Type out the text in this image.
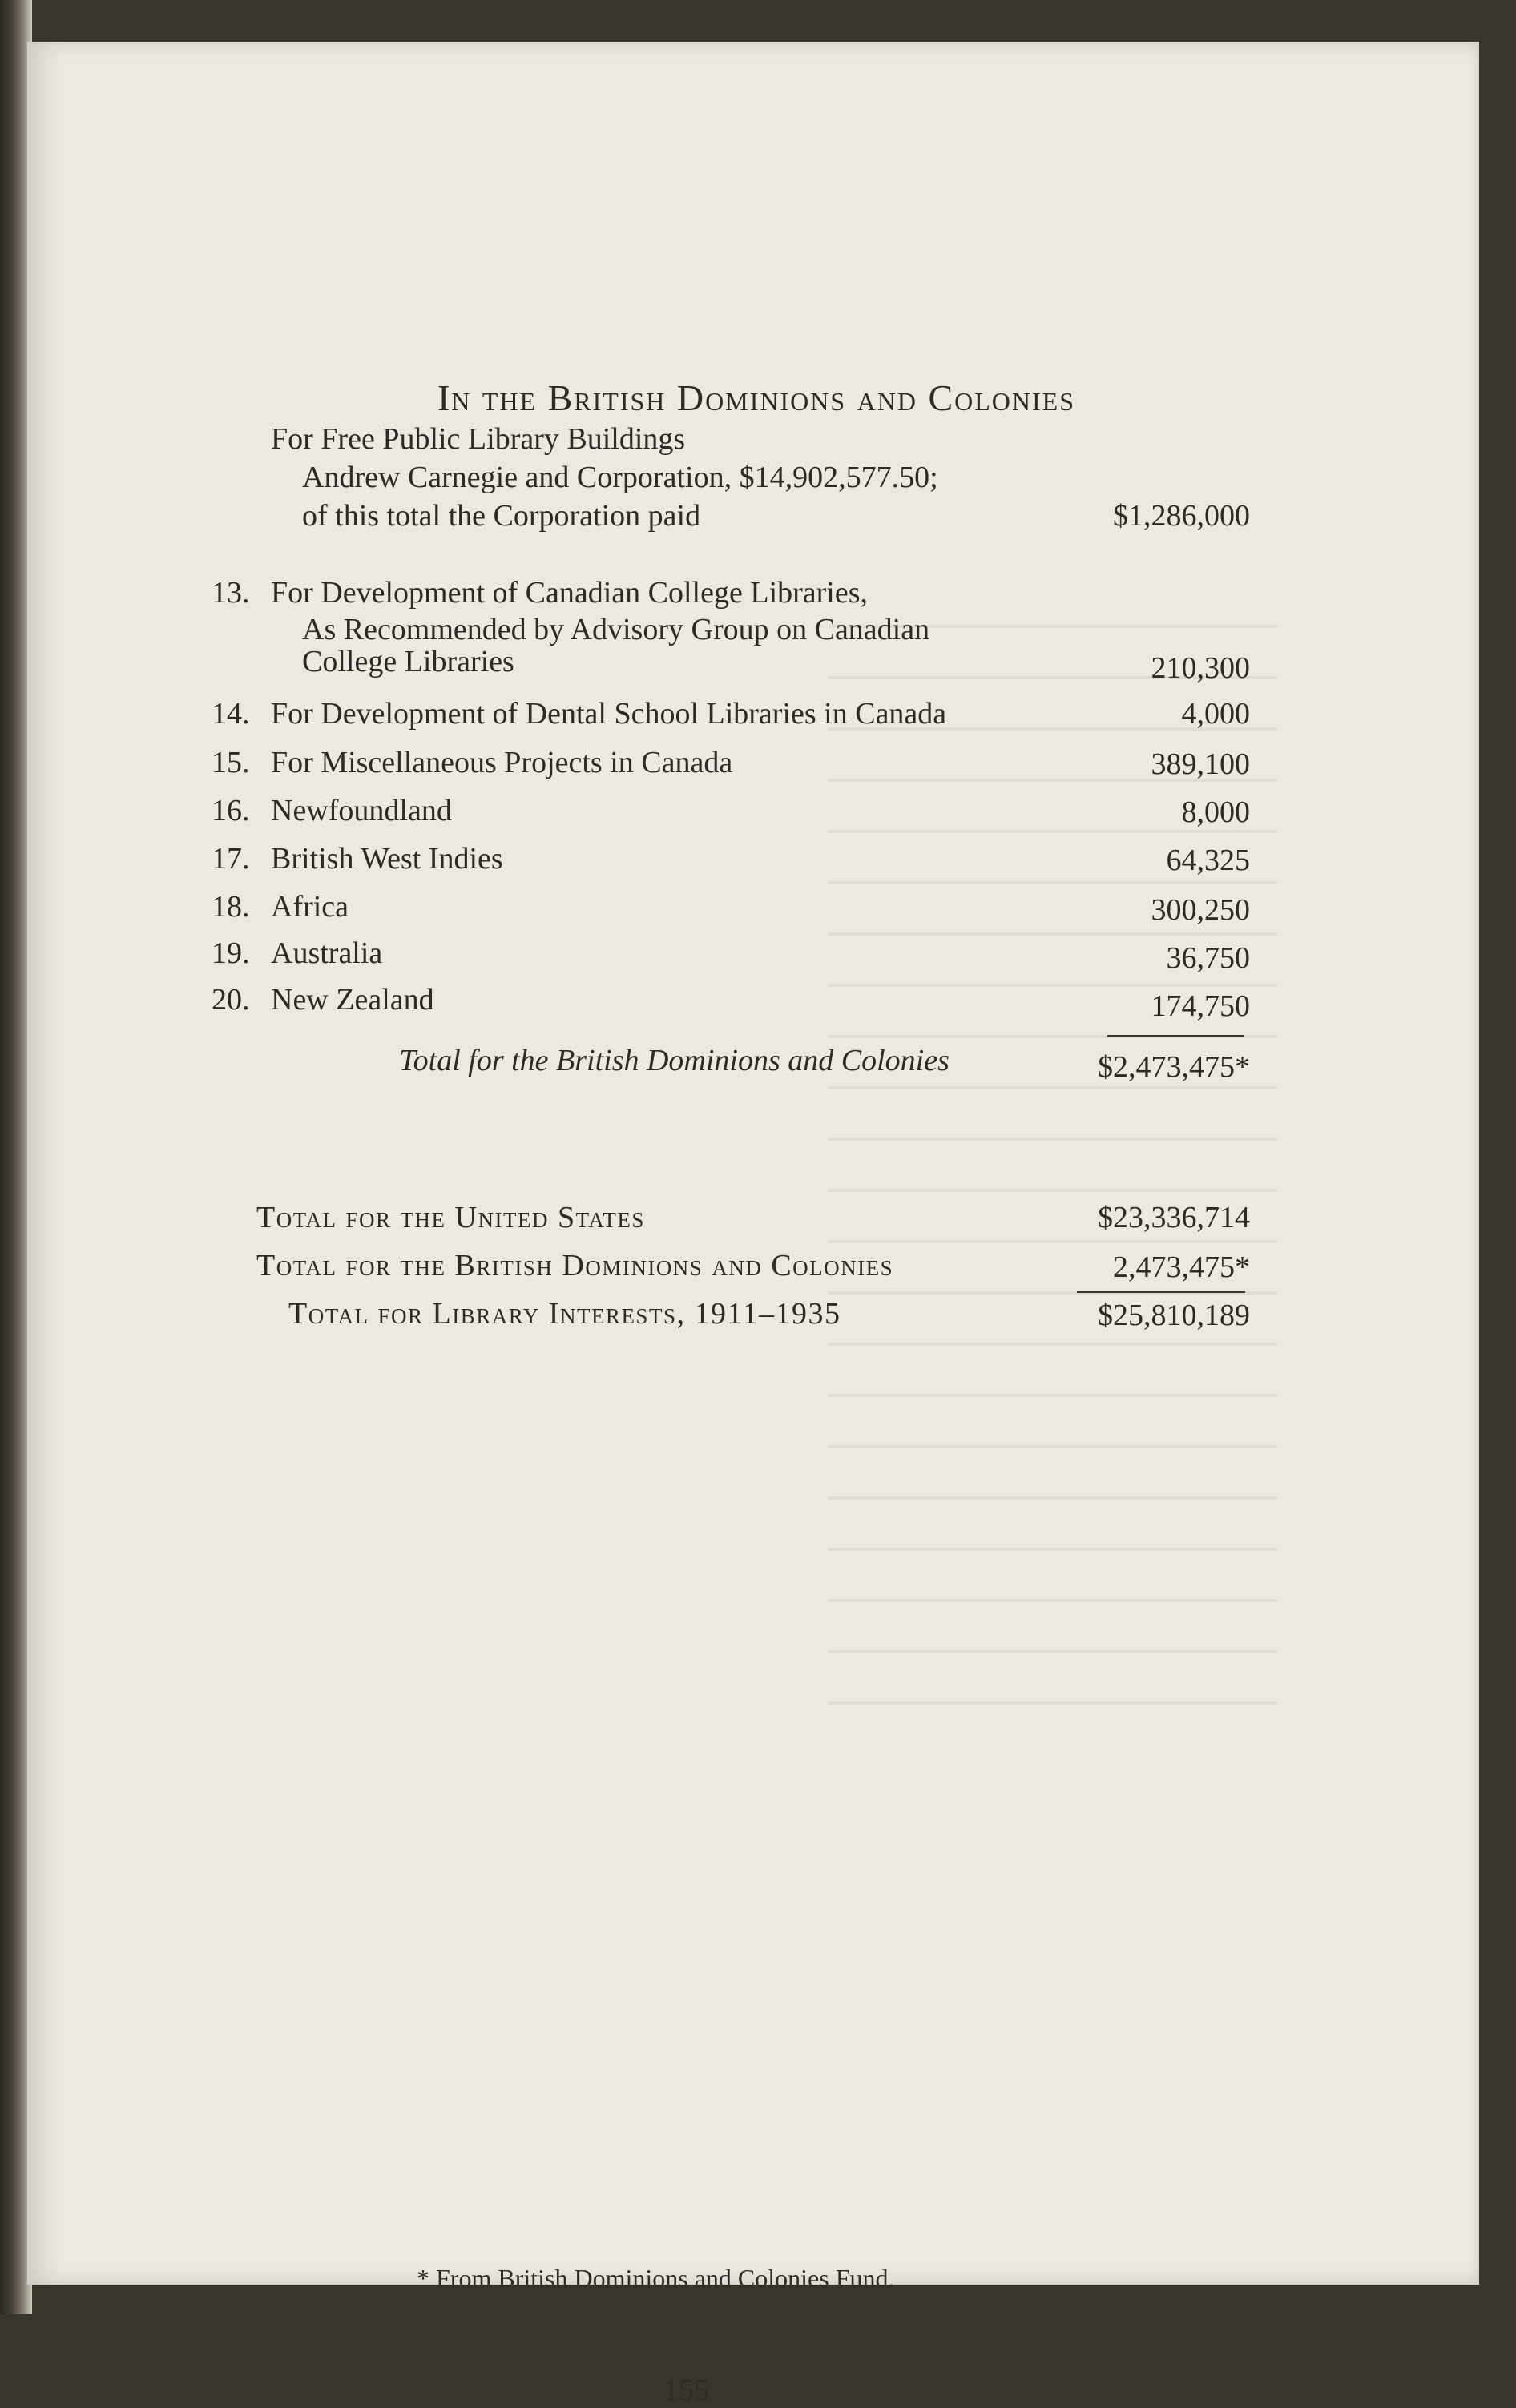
In the British Dominions and Colonies
For Free Public Library Buildings
Andrew Carnegie and Corporation, $14,902,577.50;
of this total the Corporation paid	$1,286,000
210,300
4,000
389,100
8,000
64,325
300,250
36,750
174,750
$2,473,475*
$23,336,714
2,473,475*
$25,810,189
13. For Development of Canadian College Libraries,
As Recommended by Advisory Group on Canadian
College Libraries
14. For Development of Dental School Libraries in Canada
15. For Miscellaneous Projects in Canada
16. Newfoundland
17. British West Indies
18. Africa
19. Australia
20. New Zealand
Total for the British Dominions and Colonies
Total for the United States
Total for the British Dominions and Colonies
Total for Library Interests, 1911–1935
* From British Dominions and Colonies Fund.
155
